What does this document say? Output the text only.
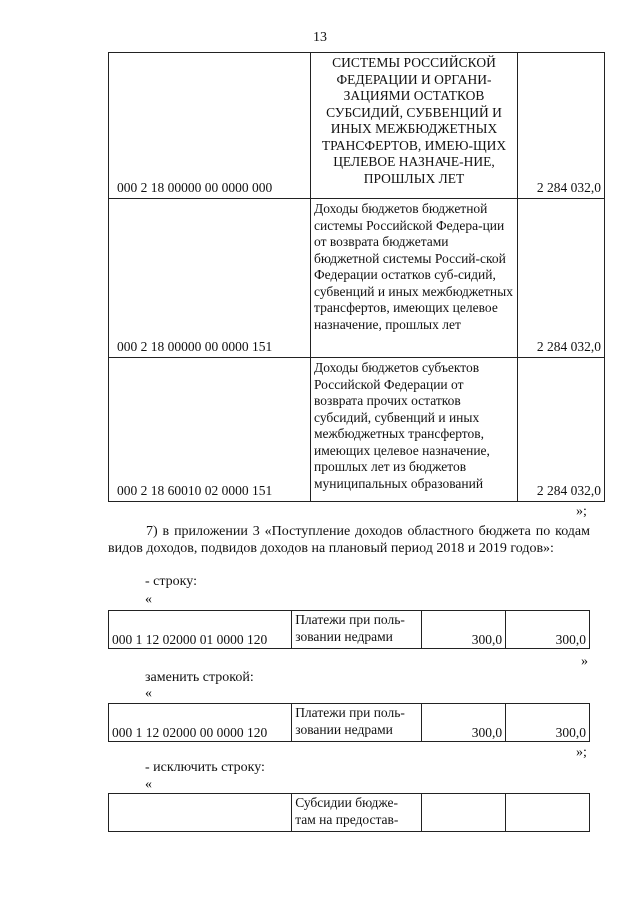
13
000 2 18 00000 00 0000 000	СИСТЕМЫ РОССИЙСКОЙ ФЕДЕРАЦИИ И ОРГАНИ-ЗАЦИЯМИ ОСТАТКОВ СУБСИДИЙ, СУБВЕНЦИЙ И ИНЫХ МЕЖБЮДЖЕТНЫХ ТРАНСФЕРТОВ, ИМЕЮ-ЩИХ ЦЕЛЕВОЕ НАЗНАЧЕ-НИЕ, ПРОШЛЫХ ЛЕТ	2 284 032,0
000 2 18 00000 00 0000 151	Доходы бюджетов бюджетной системы Российской Федера-ции от возврата бюджетами бюджетной системы Россий-ской Федерации остатков суб-сидий, субвенций и иных межбюджетных трансфертов, имеющих целевое назначение, прошлых лет	2 284 032,0
000 2 18 60010 02 0000 151	Доходы бюджетов субъектов Российской Федерации от возврата прочих остатков субсидий, субвенций и иных межбюджетных трансфертов, имеющих целевое назначение, прошлых лет из бюджетов муниципальных образований	2 284 032,0
»;
7) в приложении 3 «Поступление доходов областного бюджета по кодам видов доходов, подвидов доходов на плановый период 2018 и 2019 годов»:
- строку:
«
000 1 12 02000 01 0000 120	Платежи при поль-зовании недрами	300,0	300,0
»
заменить строкой:
«
000 1 12 02000 00 0000 120	Платежи при поль-зовании недрами	300,0	300,0
»;
- исключить строку:
«
	Субсидии бюдже-там на предостав-		
